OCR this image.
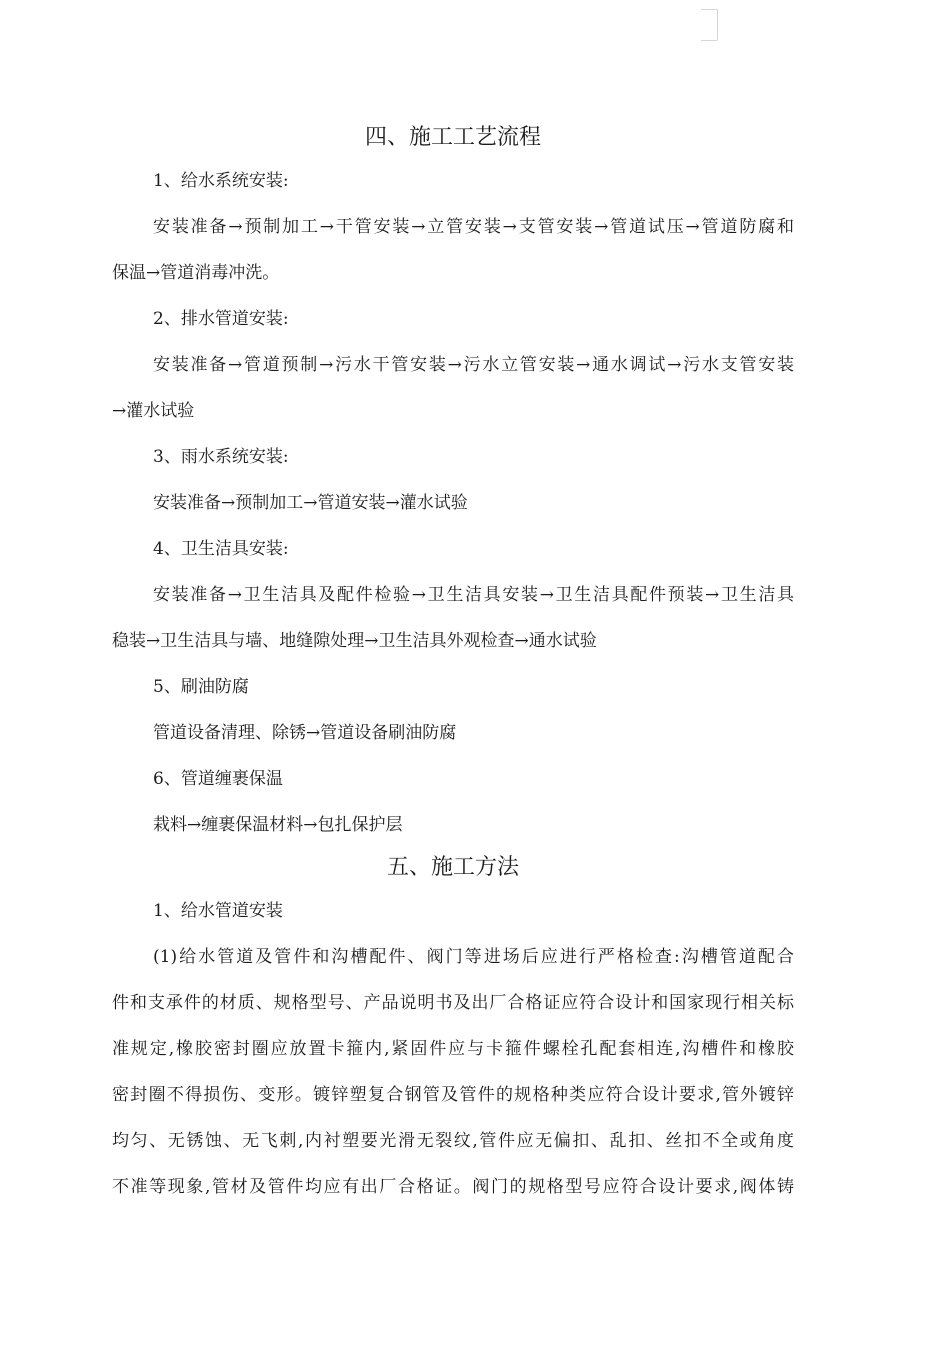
四、施工工艺流程
1、给水系统安装:
安装准备→预制加工→干管安装→立管安装→支管安装→管道试压→管道防腐和
保温→管道消毒冲洗。
2、排水管道安装:
安装准备→管道预制→污水干管安装→污水立管安装→通水调试→污水支管安装
→灌水试验
3、雨水系统安装:
安装准备→预制加工→管道安装→灌水试验
4、卫生洁具安装:
安装准备→卫生洁具及配件检验→卫生洁具安装→卫生洁具配件预装→卫生洁具
稳装→卫生洁具与墙、地缝隙处理→卫生洁具外观检查→通水试验
5、刷油防腐
管道设备清理、除锈→管道设备刷油防腐
6、管道缠裹保温
栽料→缠裹保温材料→包扎保护层
五、施工方法
1、给水管道安装
(1)给水管道及管件和沟槽配件、阀门等进场后应进行严格检查:沟槽管道配合
件和支承件的材质、规格型号、产品说明书及出厂合格证应符合设计和国家现行相关标
准规定,橡胶密封圈应放置卡箍内,紧固件应与卡箍件螺栓孔配套相连,沟槽件和橡胶
密封圈不得损伤、变形。镀锌塑复合钢管及管件的规格种类应符合设计要求,管外镀锌
均匀、无锈蚀、无飞刺,内衬塑要光滑无裂纹,管件应无偏扣、乱扣、丝扣不全或角度
不准等现象,管材及管件均应有出厂合格证。阀门的规格型号应符合设计要求,阀体铸
